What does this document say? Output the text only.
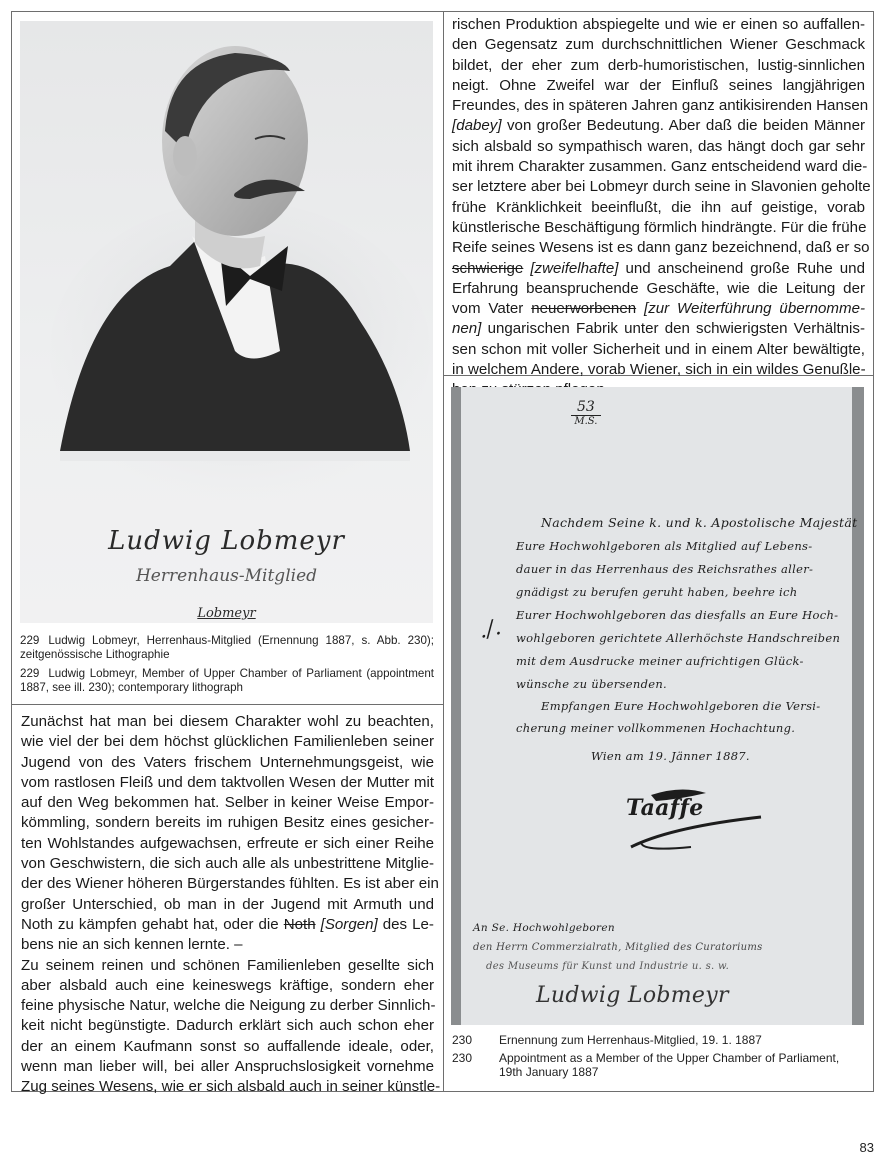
Ludwig Lobmeyr
Herrenhaus-Mitglied
Lobmeyr

229 Ludwig Lobmeyr, Herrenhaus-Mitglied (Ernennung 1887, s. Abb. 230); zeitgenössische Lithographie

229 Ludwig Lobmeyr, Member of Upper Chamber of Parliament (appointment 1887, see ill. 230); contemporary lithograph

Zunächst hat man bei diesem Charakter wohl zu beachten,
wie viel der bei dem höchst glücklichen Familienleben seiner
Jugend von des Vaters frischem Unternehmungsgeist, wie
vom rastlosen Fleiß und dem taktvollen Wesen der Mutter mit
auf den Weg bekommen hat. Selber in keiner Weise Empor-
kömmling, sondern bereits im ruhigen Besitz eines gesicher-
ten Wohlstandes aufgewachsen, erfreute er sich einer Reihe
von Geschwistern, die sich auch alle als unbestrittene Mitglie-
der des Wiener höheren Bürgerstandes fühlten. Es ist aber ein
großer Unterschied, ob man in der Jugend mit Armuth und
Noth zu kämpfen gehabt hat, oder die Noth [Sorgen] des Le-
bens nie an sich kennen lernte. –
Zu seinem reinen und schönen Familienleben gesellte sich
aber alsbald auch eine keineswegs kräftige, sondern eher
feine physische Natur, welche die Neigung zu derber Sinnlich-
keit nicht begünstigte. Dadurch erklärt sich auch schon eher
der an einem Kaufmann sonst so auffallende ideale, oder,
wenn man lieber will, bei aller Anspruchslosigkeit vornehme
Zug seines Wesens, wie er sich alsbald auch in seiner künstle-
rischen Produktion abspiegelte und wie er einen so auffallen-
den Gegensatz zum durchschnittlichen Wiener Geschmack
bildet, der eher zum derb-humoristischen, lustig-sinnlichen
neigt. Ohne Zweifel war der Einfluß seines langjährigen
Freundes, des in späteren Jahren ganz antikisirenden Hansen
[dabey] von großer Bedeutung. Aber daß die beiden Männer
sich alsbald so sympathisch waren, das hängt doch gar sehr
mit ihrem Charakter zusammen. Ganz entscheidend ward die-
ser letztere aber bei Lobmeyr durch seine in Slavonien geholte
frühe Kränklichkeit beeinflußt, die ihn auf geistige, vorab
künstlerische Beschäftigung förmlich hindrängte. Für die frühe
Reife seines Wesens ist es dann ganz bezeichnend, daß er so
schwierige [zweifelhafte] und anscheinend große Ruhe und
Erfahrung beanspruchende Geschäfte, wie die Leitung der
vom Vater neuerworbenen [zur Weiterführung übernomme-
nen] ungarischen Fabrik unter den schwierigsten Verhältnis-
sen schon mit voller Sicherheit und in einem Alter bewältigte,
in welchem Andere, vorab Wiener, sich in ein wildes Genußle-
53
M.S.
Nachdem Seine k. und k. Apostolische Majestät
Eure Hochwohlgeboren als Mitglied auf Lebens-
dauer in das Herrenhaus des Reichsrathes aller-
gnädigst zu berufen geruht haben, beehre ich
Eurer Hochwohlgeboren das diesfalls an Eure Hoch-
wohlgeboren gerichtete Allerhöchste Handschreiben
mit dem Ausdrucke meiner aufrichtigen Glück-
wünsche zu übersenden.
Empfangen Eure Hochwohlgeboren die Versi-
cherung meiner vollkommenen Hochachtung.
Wien am 19. Jänner 1887.
./.
Taaffe
An Se. Hochwohlgeboren
den Herrn Commerzialrath, Mitglied des Curatoriums
des Museums für Kunst und Industrie u. s. w.
Ludwig Lobmeyr
230	Ernennung zum Herrenhaus-Mitglied, 19. 1. 1887
230	Appointment as a Member of the Upper Chamber of Parliament,
19th January 1887
83
